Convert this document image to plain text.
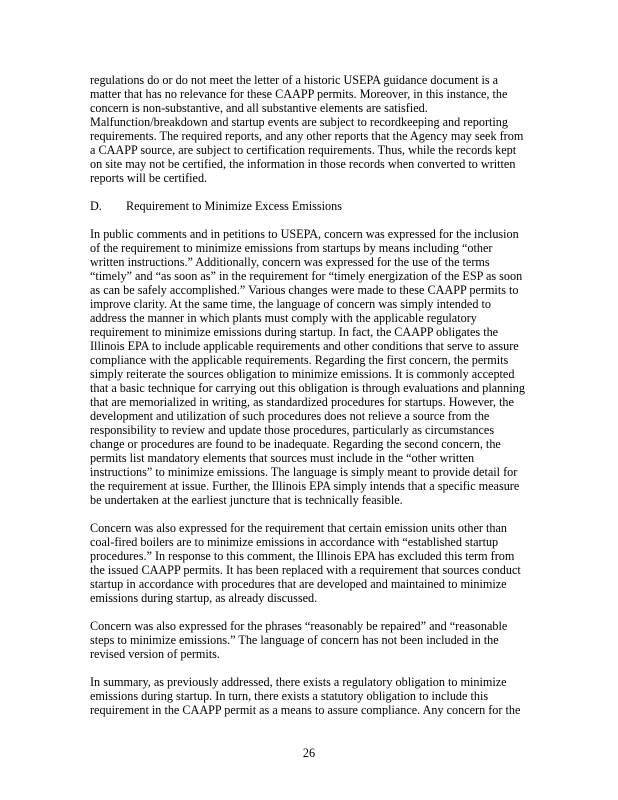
regulations do or do not meet the letter of a historic USEPA guidance document is a
matter that has no relevance for these CAAPP permits. Moreover, in this instance, the
concern is non-substantive, and all substantive elements are satisfied.
Malfunction/breakdown and startup events are subject to recordkeeping and reporting
requirements. The required reports, and any other reports that the Agency may seek from
a CAAPP source, are subject to certification requirements. Thus, while the records kept
on site may not be certified, the information in those records when converted to written
reports will be certified.
D. Requirement to Minimize Excess Emissions
In public comments and in petitions to USEPA, concern was expressed for the inclusion
of the requirement to minimize emissions from startups by means including “other
written instructions.” Additionally, concern was expressed for the use of the terms
“timely” and “as soon as” in the requirement for “timely energization of the ESP as soon
as can be safely accomplished.” Various changes were made to these CAAPP permits to
improve clarity. At the same time, the language of concern was simply intended to
address the manner in which plants must comply with the applicable regulatory
requirement to minimize emissions during startup. In fact, the CAAPP obligates the
Illinois EPA to include applicable requirements and other conditions that serve to assure
compliance with the applicable requirements. Regarding the first concern, the permits
simply reiterate the sources obligation to minimize emissions. It is commonly accepted
that a basic technique for carrying out this obligation is through evaluations and planning
that are memorialized in writing, as standardized procedures for startups. However, the
development and utilization of such procedures does not relieve a source from the
responsibility to review and update those procedures, particularly as circumstances
change or procedures are found to be inadequate. Regarding the second concern, the
permits list mandatory elements that sources must include in the “other written
instructions” to minimize emissions. The language is simply meant to provide detail for
the requirement at issue. Further, the Illinois EPA simply intends that a specific measure
be undertaken at the earliest juncture that is technically feasible.
Concern was also expressed for the requirement that certain emission units other than
coal-fired boilers are to minimize emissions in accordance with “established startup
procedures.” In response to this comment, the Illinois EPA has excluded this term from
the issued CAAPP permits. It has been replaced with a requirement that sources conduct
startup in accordance with procedures that are developed and maintained to minimize
emissions during startup, as already discussed.
Concern was also expressed for the phrases “reasonably be repaired” and “reasonable
steps to minimize emissions.” The language of concern has not been included in the
revised version of permits.
In summary, as previously addressed, there exists a regulatory obligation to minimize
emissions during startup. In turn, there exists a statutory obligation to include this
requirement in the CAAPP permit as a means to assure compliance. Any concern for the
26
